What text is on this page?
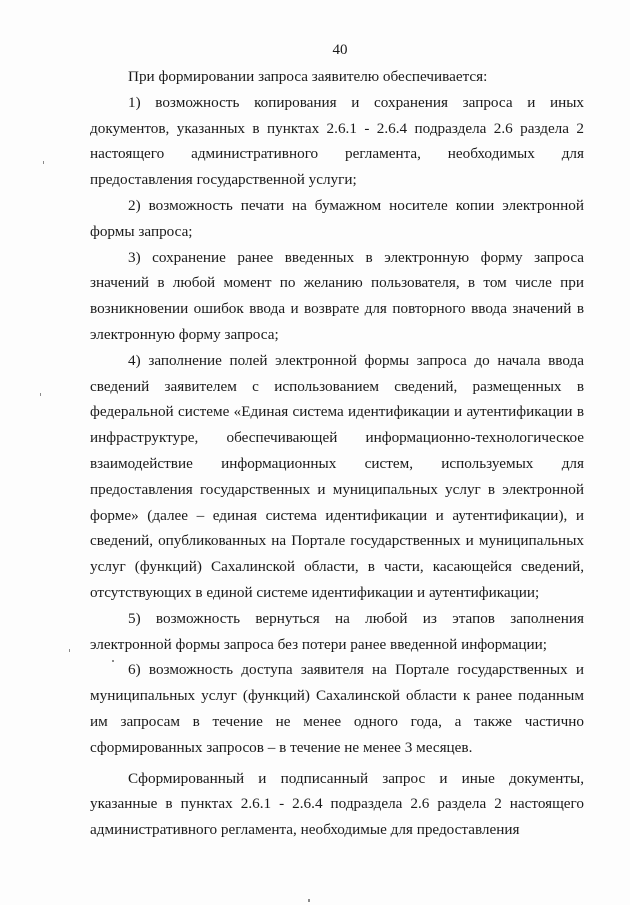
40

При формировании запроса заявителю обеспечивается:

1) возможность копирования и сохранения запроса и иных документов, указанных в пунктах 2.6.1 - 2.6.4 подраздела 2.6 раздела 2 настоящего административного регламента, необходимых для предоставления государственной услуги;

2) возможность печати на бумажном носителе копии электронной формы запроса;

3) сохранение ранее введенных в электронную форму запроса значений в любой момент по желанию пользователя, в том числе при возникновении ошибок ввода и возврате для повторного ввода значений в электронную форму запроса;

4) заполнение полей электронной формы запроса до начала ввода сведений заявителем с использованием сведений, размещенных в федеральной системе «Единая система идентификации и аутентификации в инфраструктуре, обеспечивающей информационно-технологическое взаимодействие информационных систем, используемых для предоставления государственных и муниципальных услуг в электронной форме» (далее – единая система идентификации и аутентификации), и сведений, опубликованных на Портале государственных и муниципальных услуг (функций) Сахалинской области, в части, касающейся сведений, отсутствующих в единой системе идентификации и аутентификации;

5) возможность вернуться на любой из этапов заполнения электронной формы запроса без потери ранее введенной информации;

6) возможность доступа заявителя на Портале государственных и муниципальных услуг (функций) Сахалинской области к ранее поданным им запросам в течение не менее одного года, а также частично сформированных запросов – в течение не менее 3 месяцев.

Сформированный и подписанный запрос и иные документы, указанные в пунктах 2.6.1 - 2.6.4 подраздела 2.6 раздела 2 настоящего административного регламента, необходимые для предоставления
